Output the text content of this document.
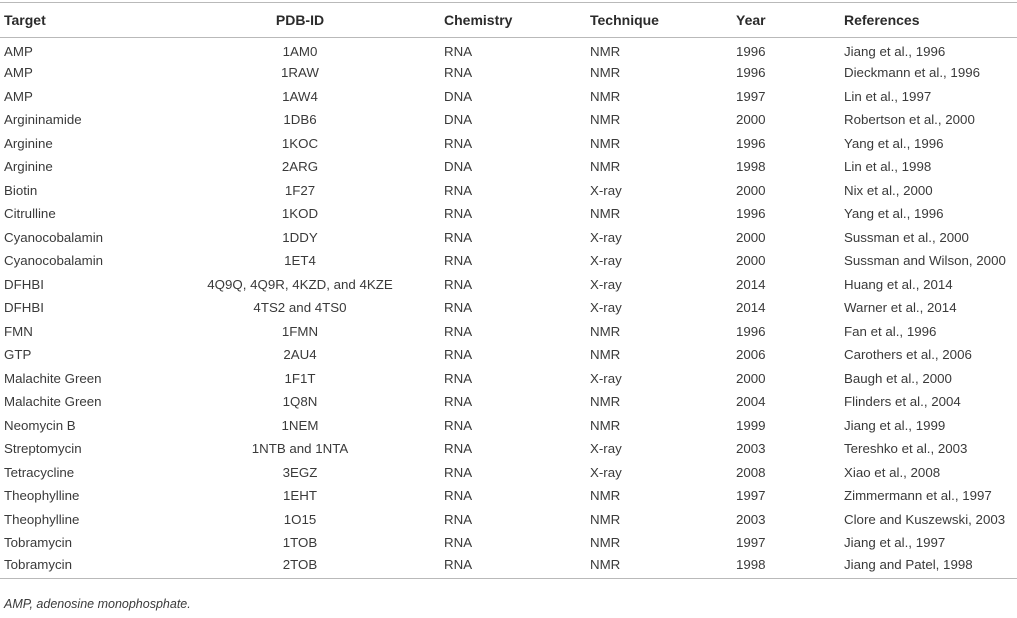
Target	PDB-ID	Chemistry	Technique	Year	References
AMP	1AM0	RNA	NMR	1996	Jiang et al., 1996
AMP	1RAW	RNA	NMR	1996	Dieckmann et al., 1996
AMP	1AW4	DNA	NMR	1997	Lin et al., 1997
Argininamide	1DB6	DNA	NMR	2000	Robertson et al., 2000
Arginine	1KOC	RNA	NMR	1996	Yang et al., 1996
Arginine	2ARG	DNA	NMR	1998	Lin et al., 1998
Biotin	1F27	RNA	X-ray	2000	Nix et al., 2000
Citrulline	1KOD	RNA	NMR	1996	Yang et al., 1996
Cyanocobalamin	1DDY	RNA	X-ray	2000	Sussman et al., 2000
Cyanocobalamin	1ET4	RNA	X-ray	2000	Sussman and Wilson, 2000
DFHBI	4Q9Q, 4Q9R, 4KZD, and 4KZE	RNA	X-ray	2014	Huang et al., 2014
DFHBI	4TS2 and 4TS0	RNA	X-ray	2014	Warner et al., 2014
FMN	1FMN	RNA	NMR	1996	Fan et al., 1996
GTP	2AU4	RNA	NMR	2006	Carothers et al., 2006
Malachite Green	1F1T	RNA	X-ray	2000	Baugh et al., 2000
Malachite Green	1Q8N	RNA	NMR	2004	Flinders et al., 2004
Neomycin B	1NEM	RNA	NMR	1999	Jiang et al., 1999
Streptomycin	1NTB and 1NTA	RNA	X-ray	2003	Tereshko et al., 2003
Tetracycline	3EGZ	RNA	X-ray	2008	Xiao et al., 2008
Theophylline	1EHT	RNA	NMR	1997	Zimmermann et al., 1997
Theophylline	1O15	RNA	NMR	2003	Clore and Kuszewski, 2003
Tobramycin	1TOB	RNA	NMR	1997	Jiang et al., 1997
Tobramycin	2TOB	RNA	NMR	1998	Jiang and Patel, 1998
AMP, adenosine monophosphate.
